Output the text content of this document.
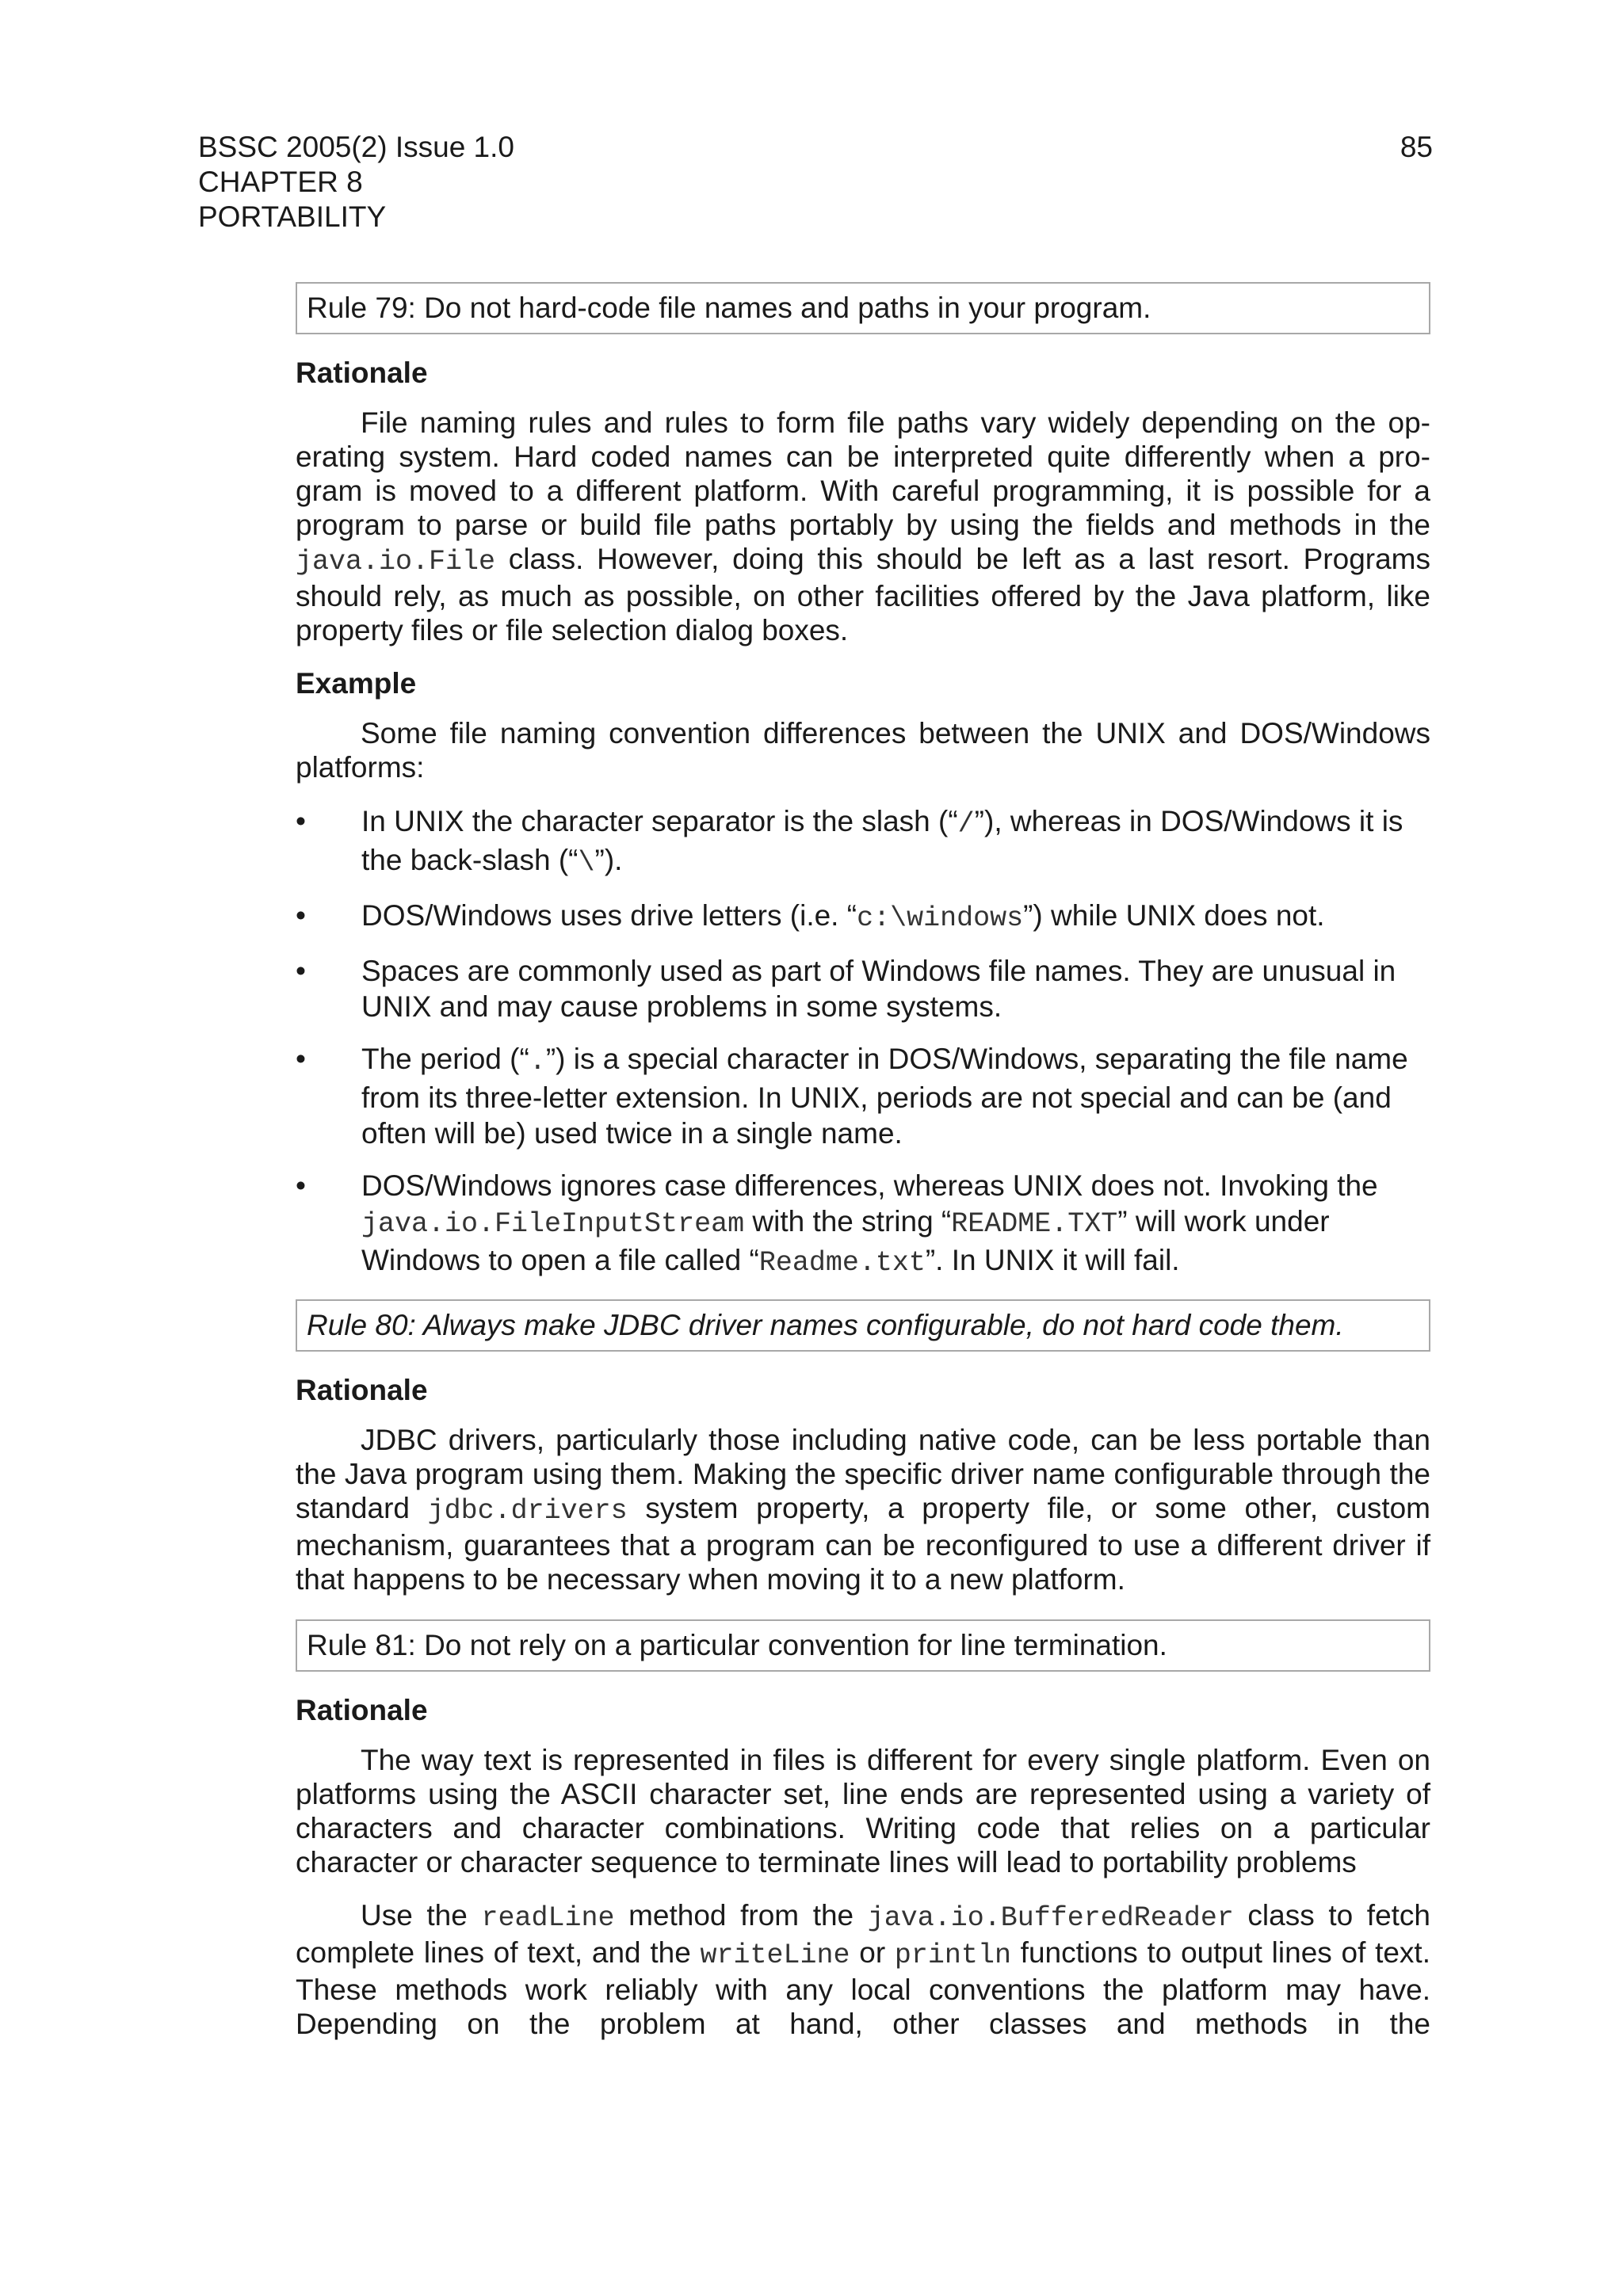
BSSC 2005(2) Issue 1.0
CHAPTER 8
PORTABILITY
85
Rule 79: Do not hard-code file names and paths in your program.

Rationale

File naming rules and rules to form file paths vary widely depending on the op-erating system. Hard coded names can be interpreted quite differently when a pro-gram is moved to a different platform. With careful programming, it is possible for a program to parse or build file paths portably by using the fields and methods in the java.io.File class. However, doing this should be left as a last resort. Programs should rely, as much as possible, on other facilities offered by the Java platform, like property files or file selection dialog boxes.

Example

Some file naming convention differences between the UNIX and DOS/Windows platforms:

• In UNIX the character separator is the slash (“/”), whereas in DOS/Windows it is the back-slash (“\”).
• DOS/Windows uses drive letters (i.e. “c:\windows”) while UNIX does not.
• Spaces are commonly used as part of Windows file names. They are unusual in UNIX and may cause problems in some systems.
• The period (“.”) is a special character in DOS/Windows, separating the file name from its three-letter extension. In UNIX, periods are not special and can be (and often will be) used twice in a single name.
• DOS/Windows ignores case differences, whereas UNIX does not. Invoking the java.io.FileInputStream with the string “README.TXT” will work under Windows to open a file called “Readme.txt”. In UNIX it will fail.
Rule 80: Always make JDBC driver names configurable, do not hard code them.

Rationale

JDBC drivers, particularly those including native code, can be less portable than the Java program using them. Making the specific driver name configurable through the standard jdbc.drivers system property, a property file, or some other, custom mechanism, guarantees that a program can be reconfigured to use a different driver if that happens to be necessary when moving it to a new platform.

Rule 81: Do not rely on a particular convention for line termination.

Rationale

The way text is represented in files is different for every single platform. Even on platforms using the ASCII character set, line ends are represented using a variety of characters and character combinations. Writing code that relies on a particular character or character sequence to terminate lines will lead to portability problems

Use the readLine method from the java.io.BufferedReader class to fetch complete lines of text, and the writeLine or println functions to output lines of text. These methods work reliably with any local conventions the platform may have. Depending on the problem at hand, other classes and methods in the
